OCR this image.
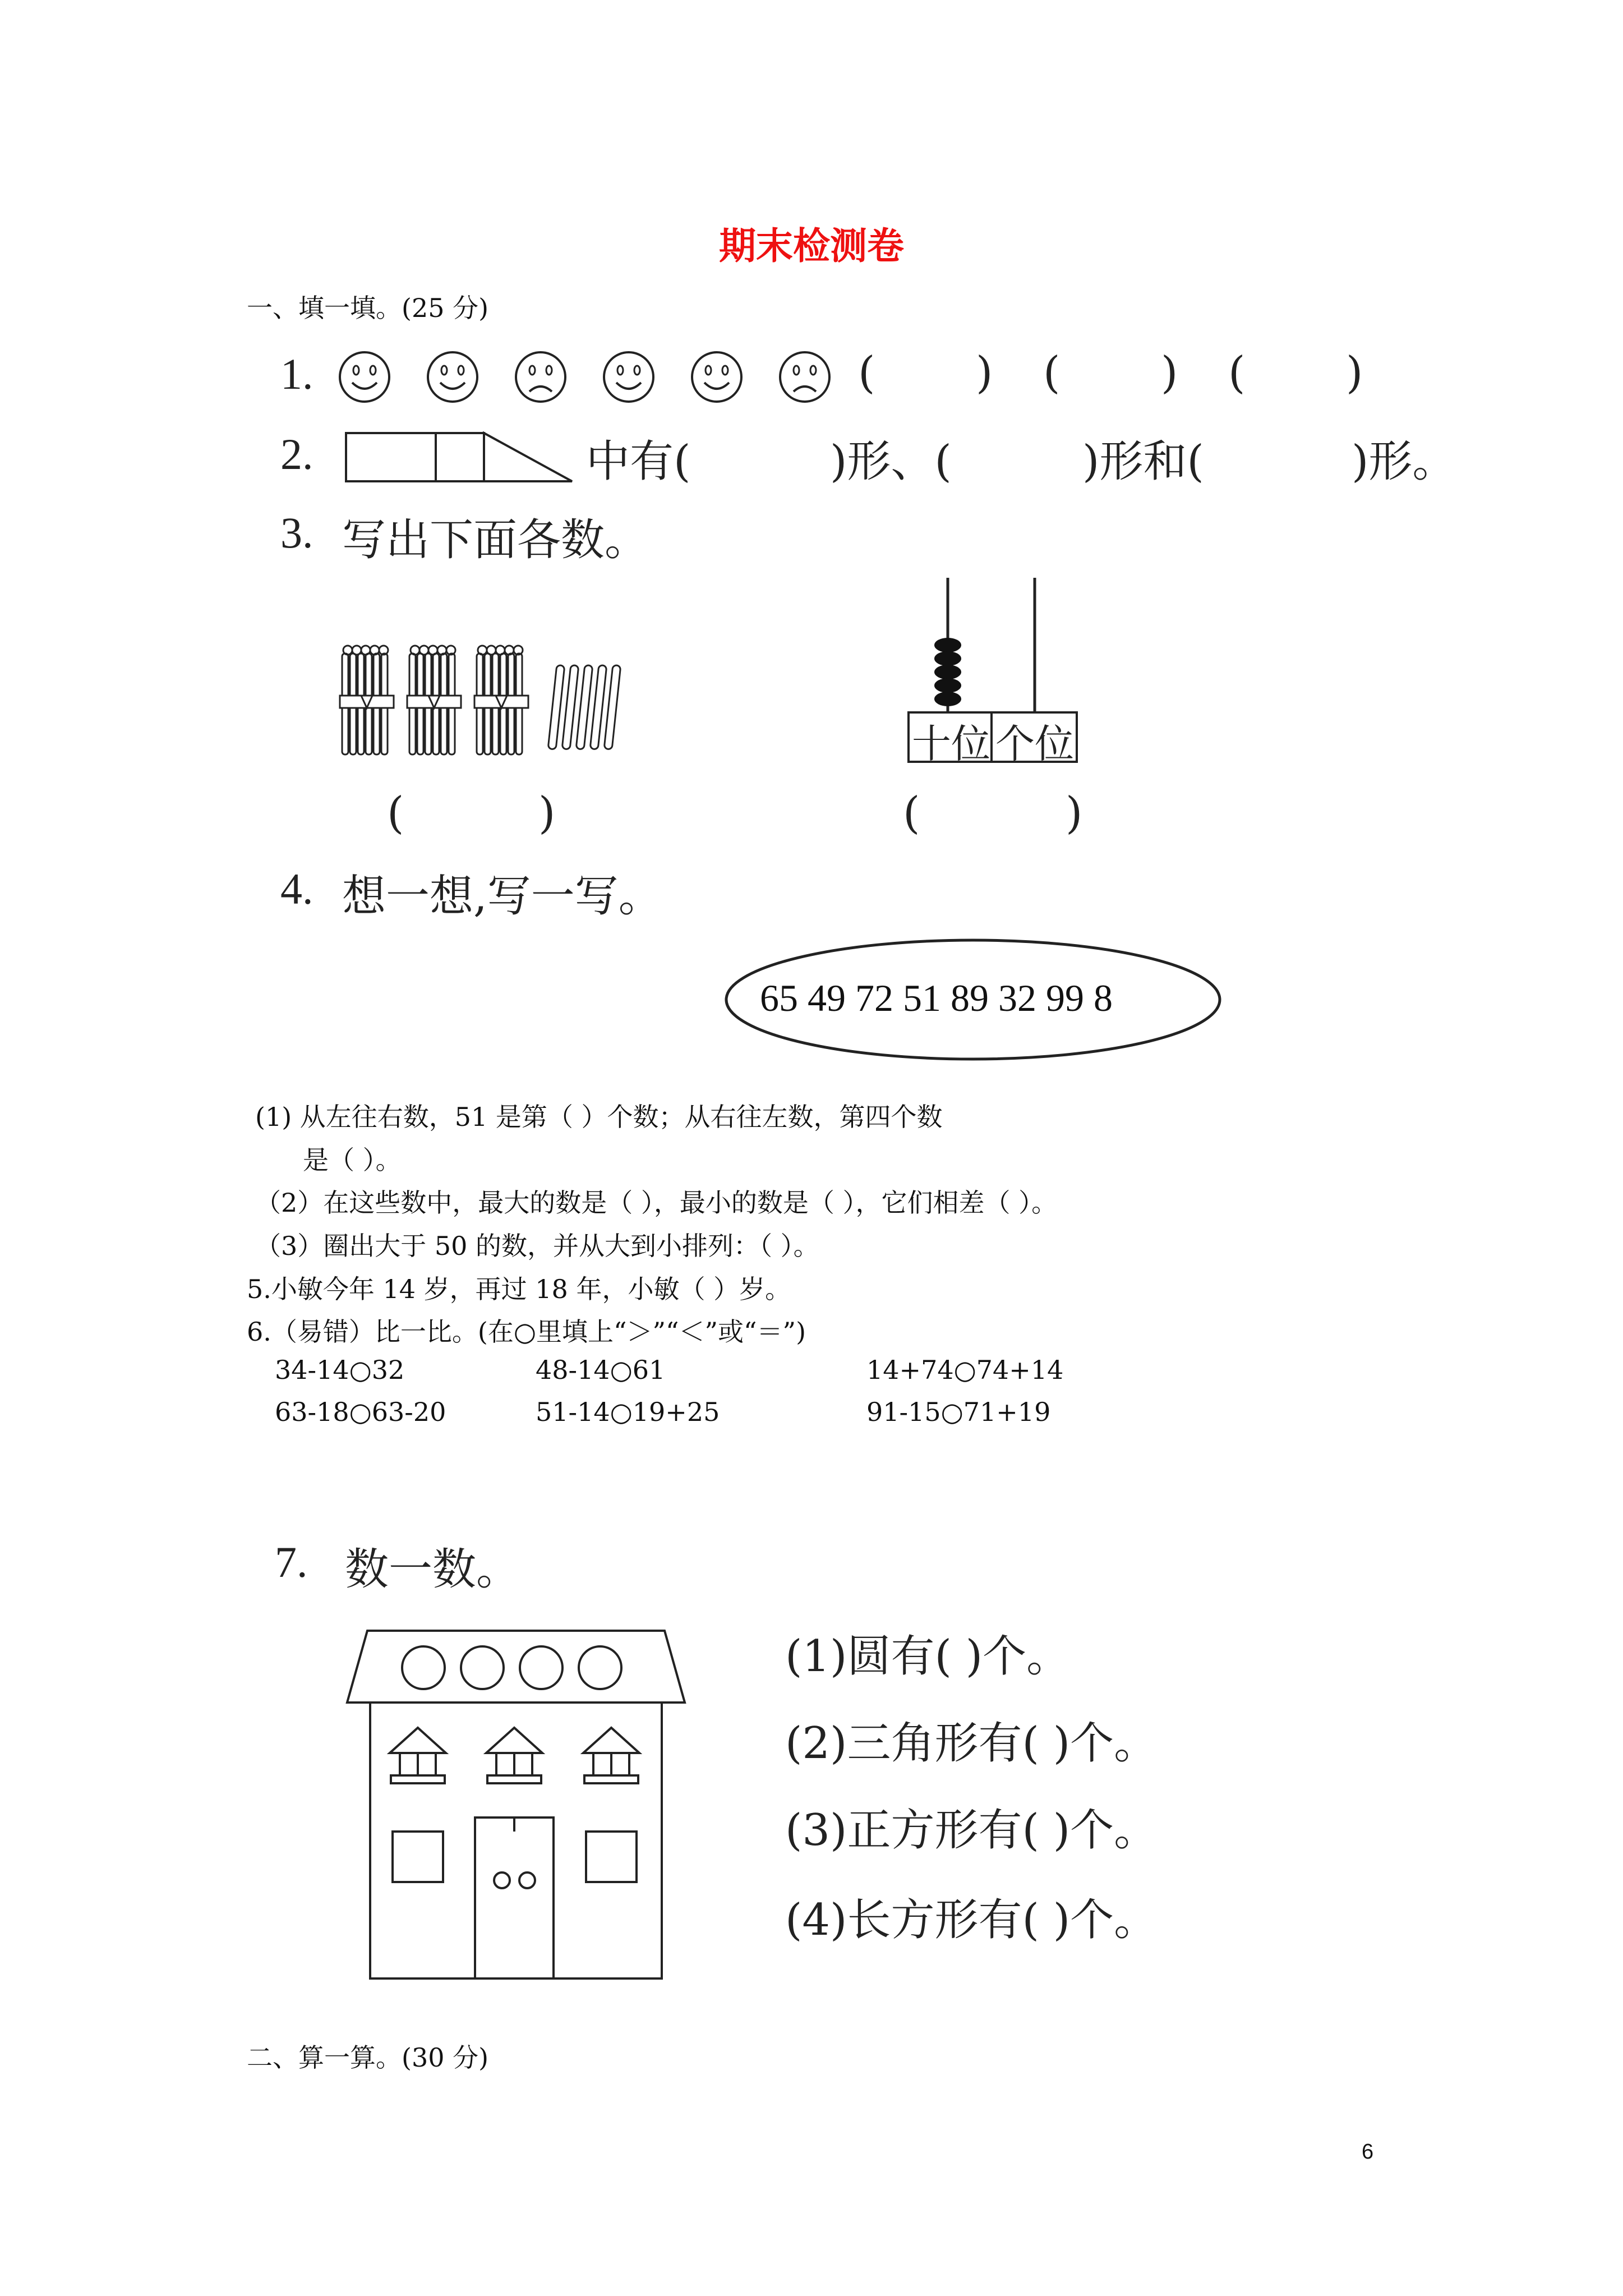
期末检测卷
一、填一填。(25 分)
1.	( ) ( ) ( )
2.	中有(	)形、(	)形和(	)形。
3. 写出下面各数。
十位 个位
(	)	(	)
4. 想一想,写一写。
65 49 72 51 89 32 99 8
(1) 从左往右数，51 是第（ ）个数；从右往左数，第四个数
是（ ）。
（2）在这些数中，最大的数是（ ），最小的数是（ ），它们相差（ ）。
（3）圈出大于 50 的数，并从大到小排列：（ ）。
5.小敏今年 14 岁，再过 18 年，小敏（ ）岁。
6.（易错）比一比。(在○里填上“＞”“＜”或“＝”)
34-14○32	48-14○61	14+74○74+14
63-18○63-20	51-14○19+25	91-15○71+19
7. 数一数。
(1)圆有( )个。
(2)三角形有( )个。
(3)正方形有( )个。
(4)长方形有( )个。
二、算一算。(30 分)
6
